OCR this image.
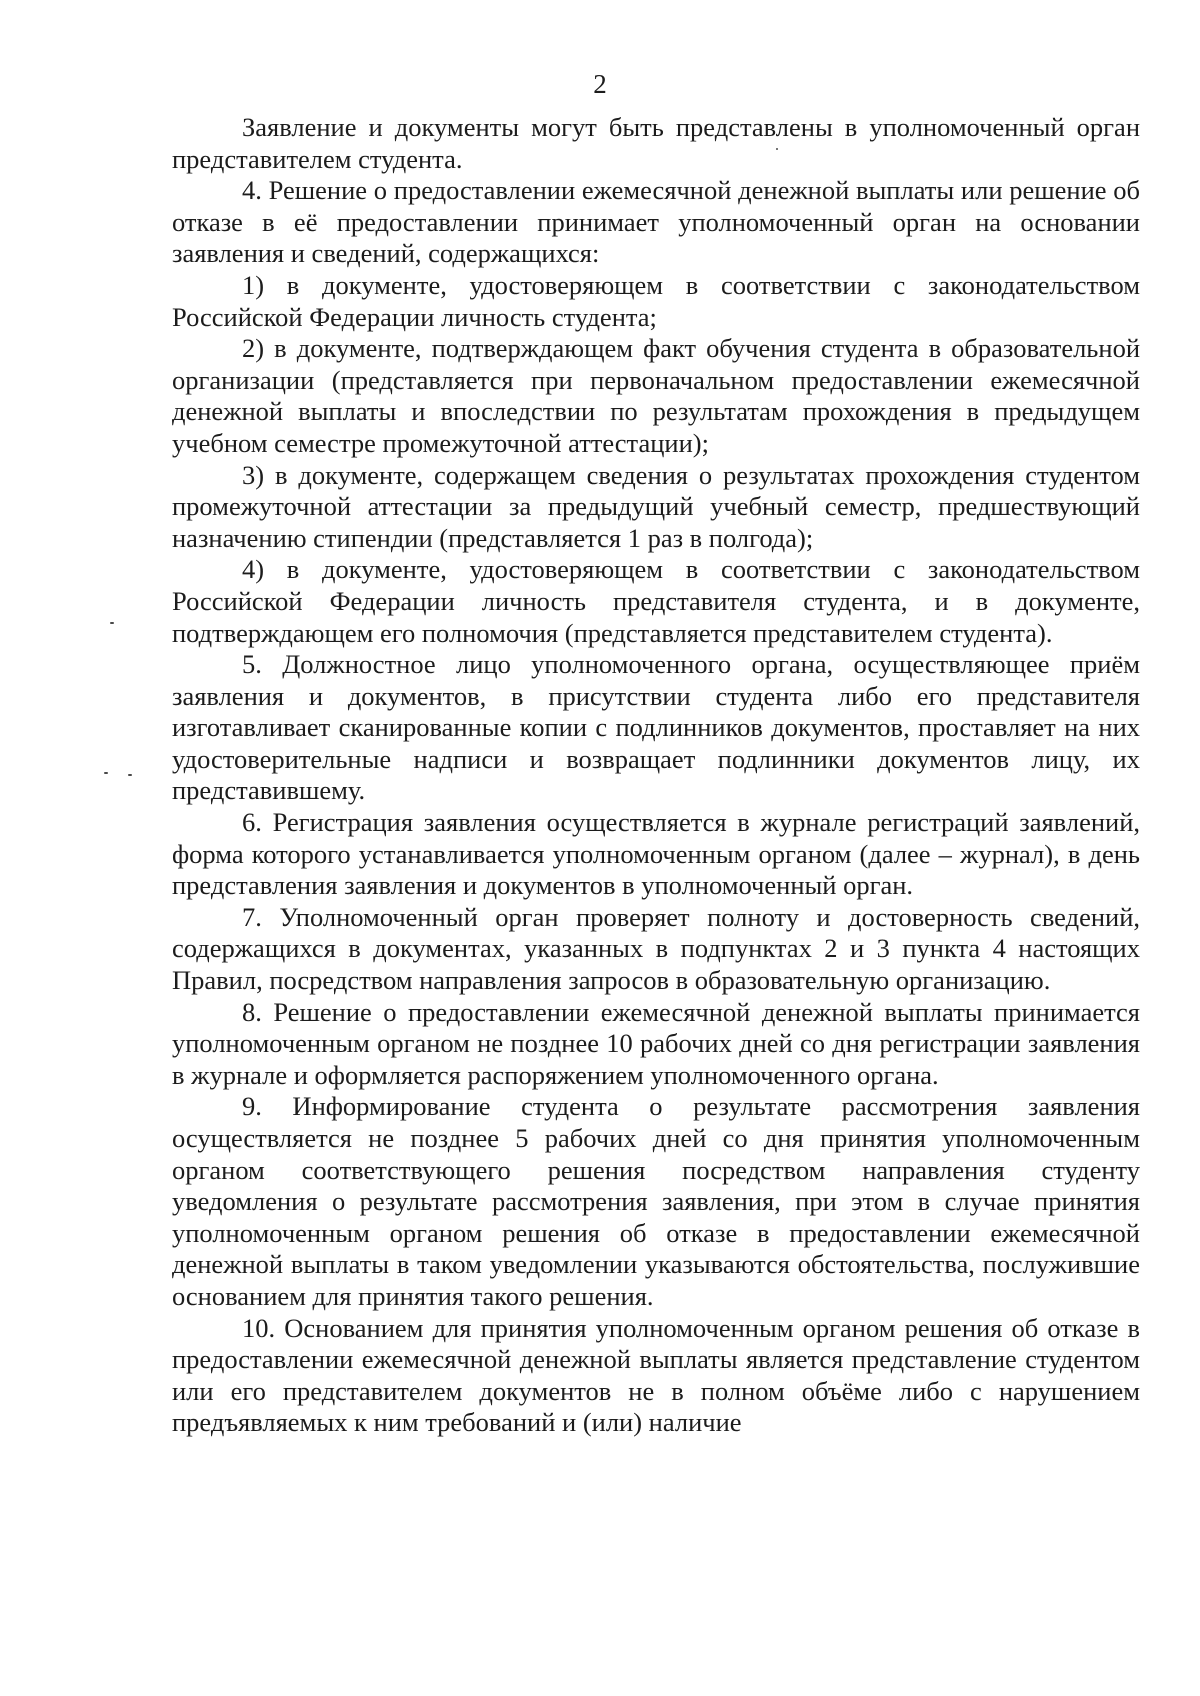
2

Заявление и документы могут быть представлены в уполномоченный орган представителем студента.

4. Решение о предоставлении ежемесячной денежной выплаты или решение об отказе в её предоставлении принимает уполномоченный орган на основании заявления и сведений, содержащихся:

1) в документе, удостоверяющем в соответствии с законодательством Российской Федерации личность студента;

2) в документе, подтверждающем факт обучения студента в образовательной организации (представляется при первоначальном предоставлении ежемесячной денежной выплаты и впоследствии по результатам прохождения в предыдущем учебном семестре промежуточной аттестации);

3) в документе, содержащем сведения о результатах прохождения студентом промежуточной аттестации за предыдущий учебный семестр, предшествующий назначению стипендии (представляется 1 раз в полгода);

4) в документе, удостоверяющем в соответствии с законодательством Российской Федерации личность представителя студента, и в документе, подтверждающем его полномочия (представляется представителем студента).

5. Должностное лицо уполномоченного органа, осуществляющее приём заявления и документов, в присутствии студента либо его представителя изготавливает сканированные копии с подлинников документов, проставляет на них удостоверительные надписи и возвращает подлинники документов лицу, их представившему.

6. Регистрация заявления осуществляется в журнале регистраций заявлений, форма которого устанавливается уполномоченным органом (далее – журнал), в день представления заявления и документов в уполномоченный орган.

7. Уполномоченный орган проверяет полноту и достоверность сведений, содержащихся в документах, указанных в подпунктах 2 и 3 пункта 4 настоящих Правил, посредством направления запросов в образовательную организацию.

8. Решение о предоставлении ежемесячной денежной выплаты принимается уполномоченным органом не позднее 10 рабочих дней со дня регистрации заявления в журнале и оформляется распоряжением уполномоченного органа.

9. Информирование студента о результате рассмотрения заявления осуществляется не позднее 5 рабочих дней со дня принятия уполномоченным органом соответствующего решения посредством направления студенту уведомления о результате рассмотрения заявления, при этом в случае принятия уполномоченным органом решения об отказе в предоставлении ежемесячной денежной выплаты в таком уведомлении указываются обстоятельства, послужившие основанием для принятия такого решения.

10. Основанием для принятия уполномоченным органом решения об отказе в предоставлении ежемесячной денежной выплаты является представление студентом или его представителем документов не в полном объёме либо с нарушением предъявляемых к ним требований и (или) наличие
